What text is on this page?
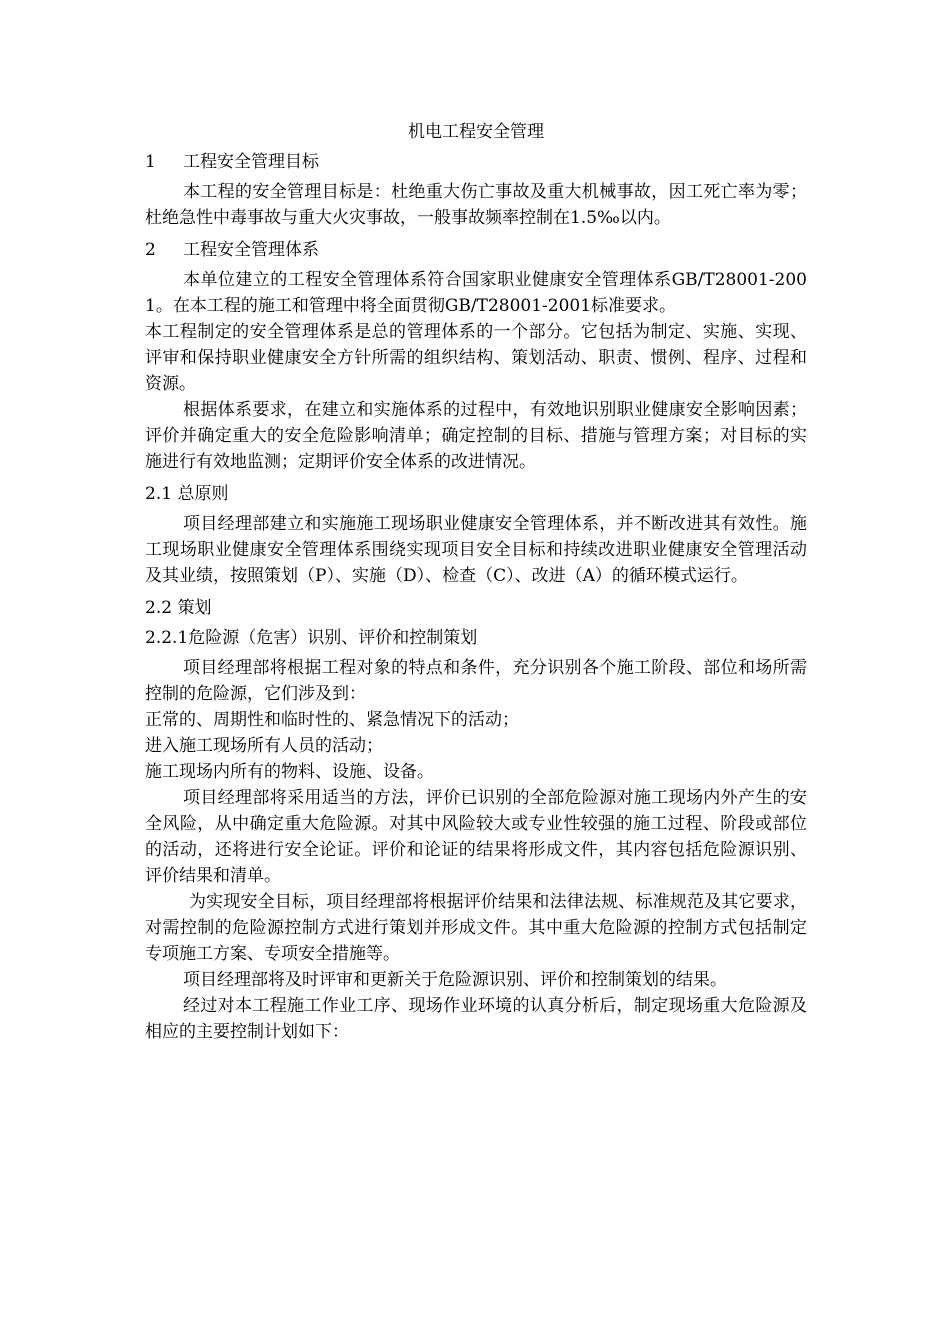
机电工程安全管理
1 工程安全管理目标

本工程的安全管理目标是：杜绝重大伤亡事故及重大机械事故，因工死亡率为零；杜绝急性中毒事故与重大火灾事故，一般事故频率控制在1.5‰以内。

2 工程安全管理体系

本单位建立的工程安全管理体系符合国家职业健康安全管理体系GB/T28001-2001。在本工程的施工和管理中将全面贯彻GB/T28001-2001标准要求。

本工程制定的安全管理体系是总的管理体系的一个部分。它包括为制定、实施、实现、评审和保持职业健康安全方针所需的组织结构、策划活动、职责、惯例、程序、过程和资源。

根据体系要求，在建立和实施体系的过程中，有效地识别职业健康安全影响因素；评价并确定重大的安全危险影响清单；确定控制的目标、措施与管理方案；对目标的实施进行有效地监测；定期评价安全体系的改进情况。

2.1 总原则

项目经理部建立和实施施工现场职业健康安全管理体系，并不断改进其有效性。施工现场职业健康安全管理体系围绕实现项目安全目标和持续改进职业健康安全管理活动及其业绩，按照策划（P）、实施（D）、检查（C）、改进（A）的循环模式运行。

2.2 策划
2.2.1危险源（危害）识别、评价和控制策划

项目经理部将根据工程对象的特点和条件，充分识别各个施工阶段、部位和场所需控制的危险源，它们涉及到：

正常的、周期性和临时性的、紧急情况下的活动；

进入施工现场所有人员的活动；

施工现场内所有的物料、设施、设备。

项目经理部将采用适当的方法，评价已识别的全部危险源对施工现场内外产生的安全风险，从中确定重大危险源。对其中风险较大或专业性较强的施工过程、阶段或部位的活动，还将进行安全论证。评价和论证的结果将形成文件，其内容包括危险源识别、评价结果和清单。

为实现安全目标，项目经理部将根据评价结果和法律法规、标准规范及其它要求，对需控制的危险源控制方式进行策划并形成文件。其中重大危险源的控制方式包括制定专项施工方案、专项安全措施等。

项目经理部将及时评审和更新关于危险源识别、评价和控制策划的结果。

经过对本工程施工作业工序、现场作业环境的认真分析后，制定现场重大危险源及相应的主要控制计划如下：
